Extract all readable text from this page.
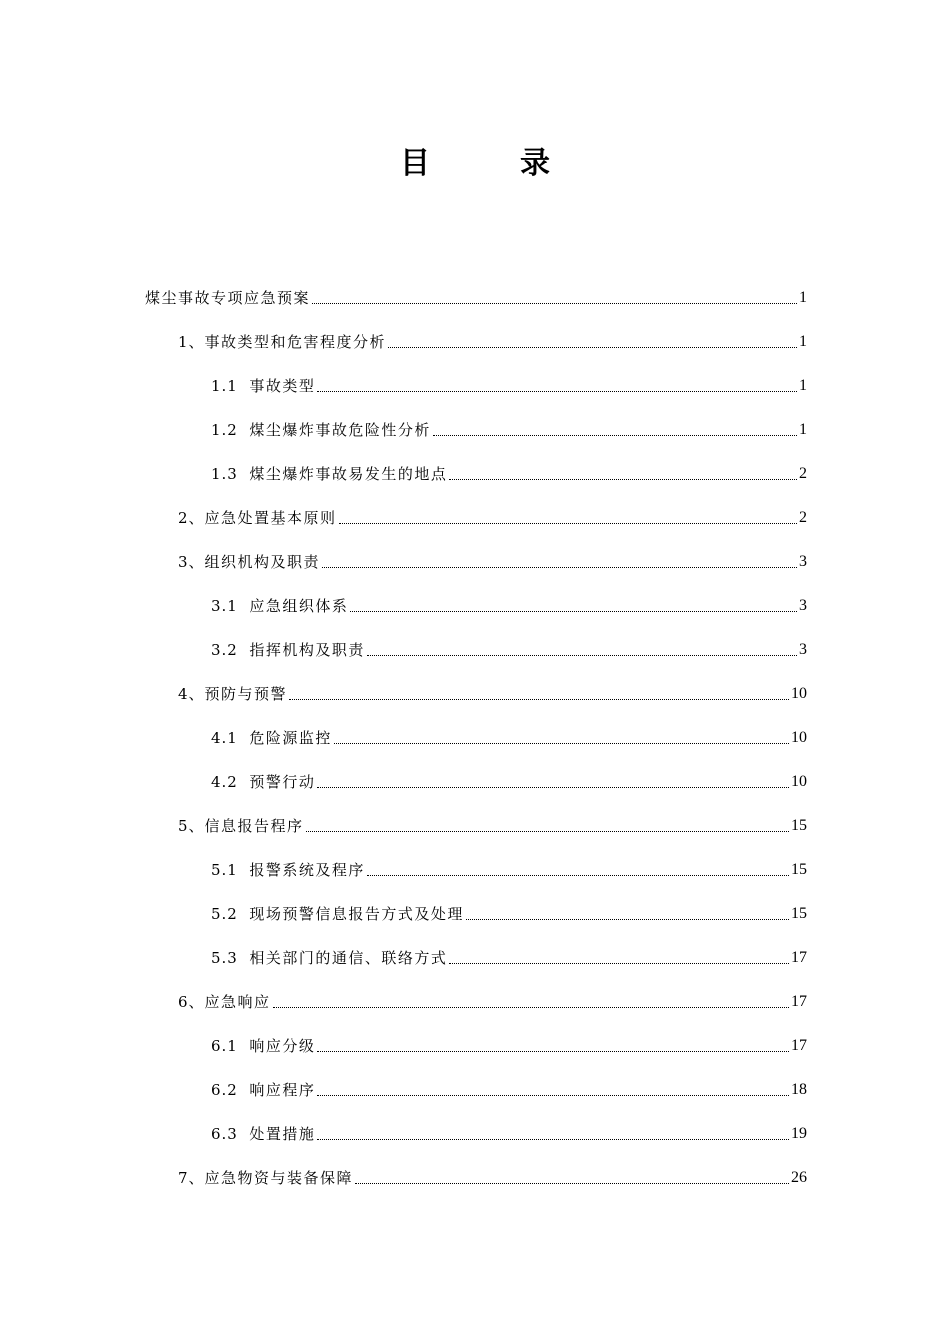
目　录
煤尘事故专项应急预案	1
1、 事故类型和危害程度分析	1
1.1 事故类型	1
1.2 煤尘爆炸事故危险性分析	1
1.3 煤尘爆炸事故易发生的地点	2
2、 应急处置基本原则	2
3、 组织机构及职责	3
3.1 应急组织体系	3
3.2 指挥机构及职责	3
4、 预防与预警	10
4.1 危险源监控	10
4.2 预警行动	10
5、 信息报告程序	15
5.1 报警系统及程序	15
5.2 现场预警信息报告方式及处理	15
5.3 相关部门的通信、联络方式	17
6、 应急响应	17
6.1 响应分级	17
6.2 响应程序	18
6.3 处置措施	19
7、 应急物资与装备保障	26
